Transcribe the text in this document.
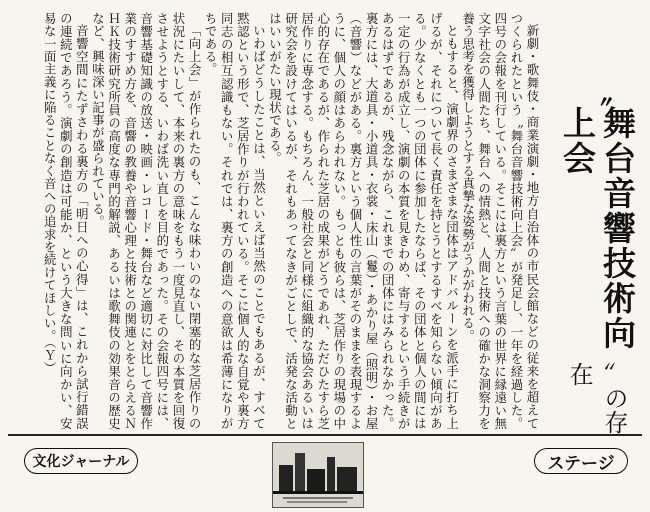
新劇・歌舞伎・商業演劇・地方自治体の市民会館などの従来を超えてつくられたという〝舞台音響技術向上会〟が発足し、一年を経過した。四号の会報を刊行している。そこには裏方という言葉の世界に縁遠い無文字社会の人間たち、舞台への情熱と、人間と技術への確かな洞察力を養う思考を獲得しようとする真摯な姿勢がうかがわれる。

ともすると、演劇界のさまざまな団体はアドバルーンを派手に打ち上げるが、それについて長く責任を持とうとするすべを知らない傾向がある。少なくとも一つの団体に参加したならば、その団体と個人の間には一定の行為が成立し、演劇の本質を見きわめ、寄与するという手続きがあるはずであるが、残念ながら、これまでの団体にはみられなかった。裏方には、大道具・小道具・衣裳・床山（鬘）・あかり屋（照明）・お屋（音響）などがある。裏方という個人性の言葉がそのままを表現するように、個人の顔はあらわれない。もっとも彼らは、芝居作りの現場の中心的存在であるが、作られた芝居の成果がどうであれ、ただひたすら芝居作りに専念する。もちろん、一般社会と同様に組織的な協会あるいは研究会を設けてはいるが、それもあってなきがごとしで、活発な活動とはいいがたい現状である。

いわばどうしたことは、当然といえば当然のことでもあるが、すべて黙認という形で、芝居作りが行われている。そこに個人的な自覚や裏方同志の相互認識もない。それでは、裏方の創造への意欲は希薄になりがちである。

「向上会」が作られたのも、こんな味わいのない閉塞的な芝居作りの状況にたいして、本来の裏方の意味をもう一度見直し、その本質を回復させようとする、いわば洗い直しを目的であった。その会報四号には、音響基礎知識の放送・映画・レコード・舞台など適切に対比して音響作業のすすめ方を、音響の教養や音響心理と技術との関連とをとらえるＮＨＫ技術研究所員の高度な専門的解説、あるいは歌舞伎の効果音の歴史など、興味深い記事が盛られている。

音響空間にたずさわる裏方の「明日への心得」は、これから試行錯誤の連続であろう。演劇の創造は可能か、という大きな問いに向かい、安易な一面主義に陥ることなく音への追求を続けてほしい。（Ｙ）	〝
舞台音響技術向上会
〟の存在
文化ジャーナル	ステージ
